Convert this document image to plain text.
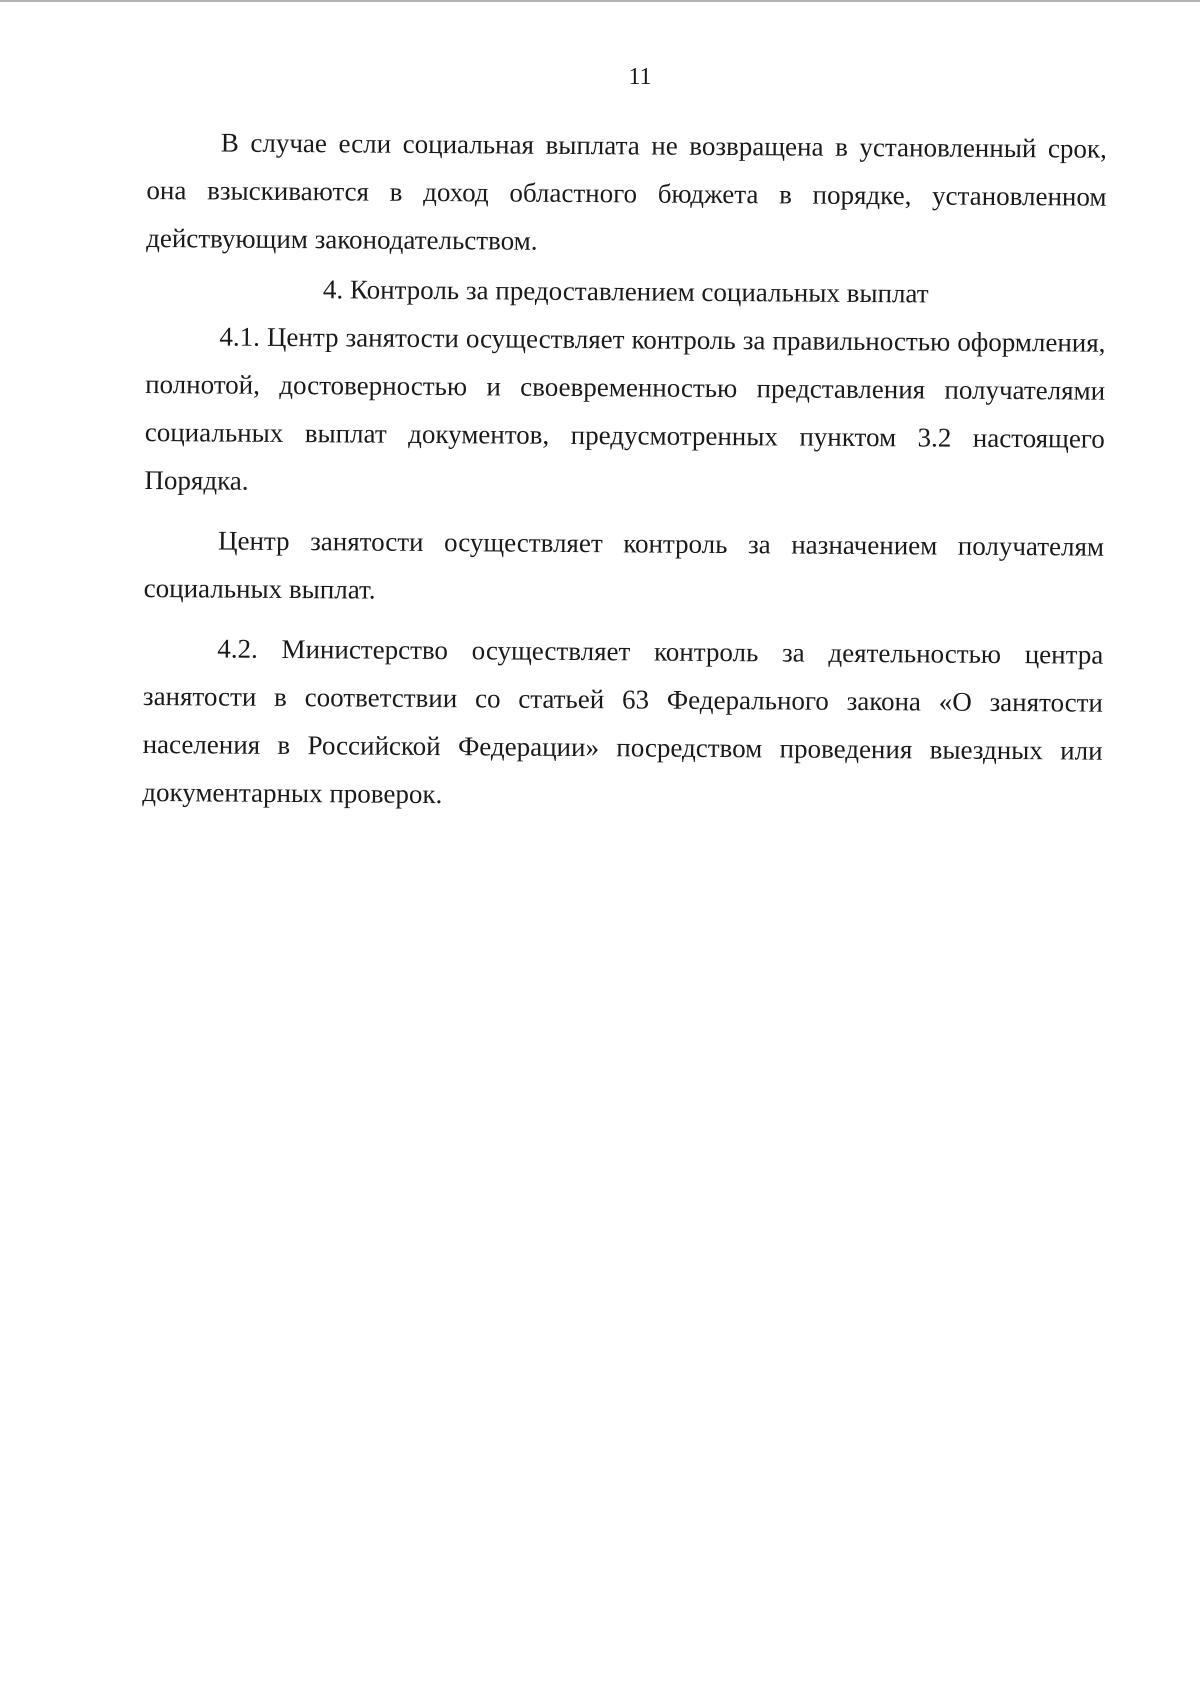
11

В случае если социальная выплата не возвращена в установленный срок, она взыскиваются в доход областного бюджета в порядке, установленном действующим законодательством.

4. Контроль за предоставлением социальных выплат

4.1. Центр занятости осуществляет контроль за правильностью оформления, полнотой, достоверностью и своевременностью представления получателями социальных выплат документов, предусмотренных пунктом 3.2 настоящего Порядка.

Центр занятости осуществляет контроль за назначением получателям социальных выплат.

4.2. Министерство осуществляет контроль за деятельностью центра занятости в соответствии со статьей 63 Федерального закона «О занятости населения в Российской Федерации» посредством проведения выездных или документарных проверок.
